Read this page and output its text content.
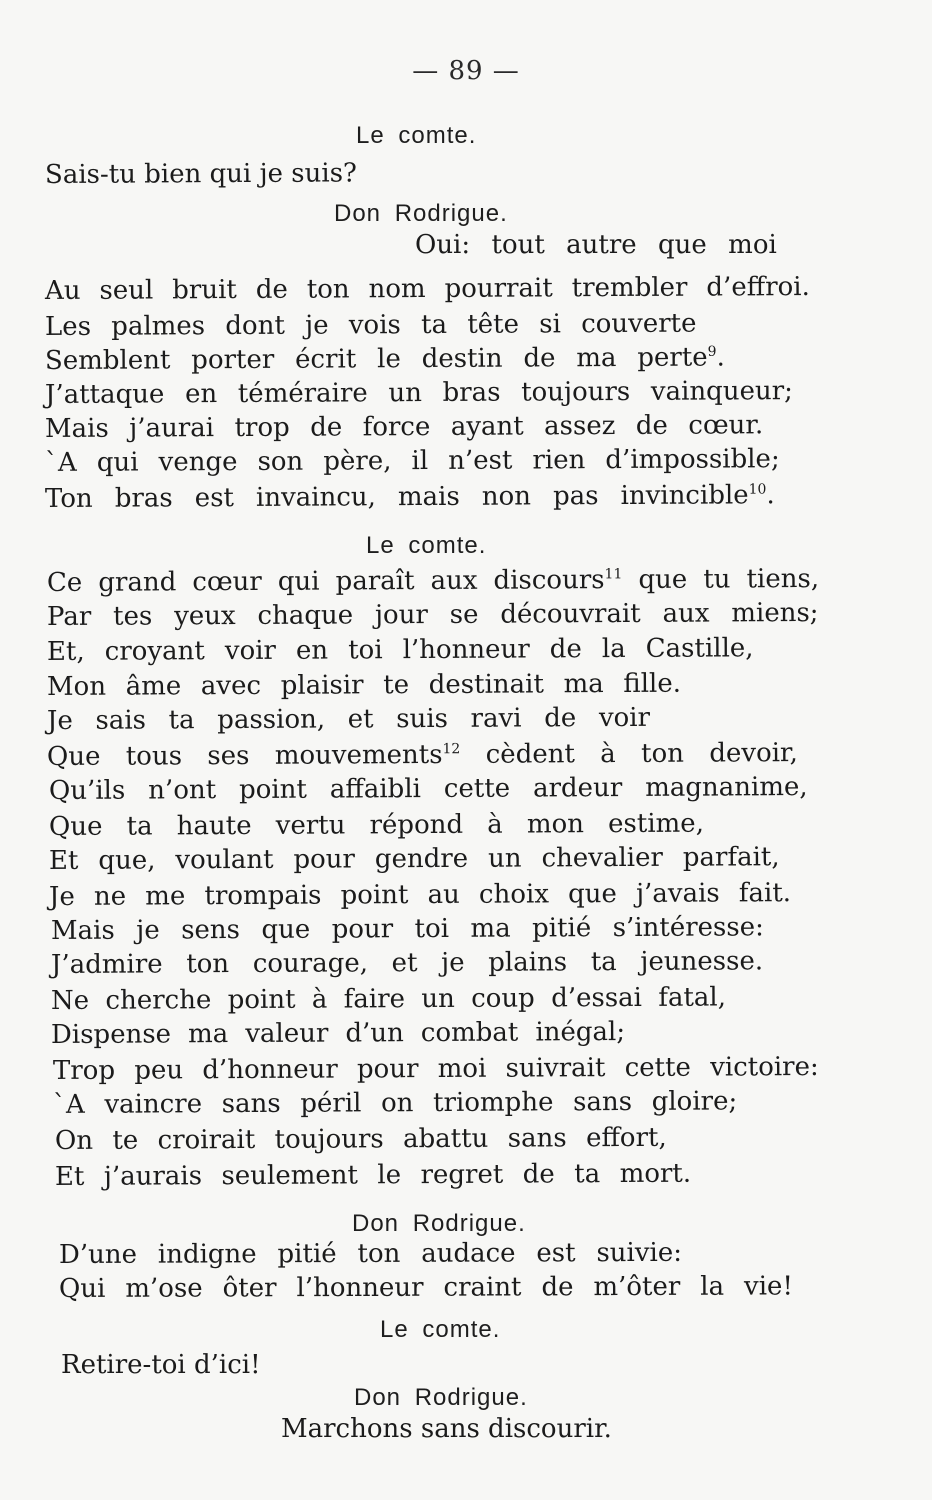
— 89 —
Le comte.
Sais-tu bien qui je suis?
Don Rodrigue.
Oui: tout autre que moi
Au seul bruit de ton nom pourrait trembler d’effroi.
Les palmes dont je vois ta tête si couverte
Semblent porter écrit le destin de ma perte$^9$.
J’attaque en téméraire un bras toujours vainqueur;
Mais j’aurai trop de force ayant assez de cœur.
`A qui venge son père, il n’est rien d’impossible;
Ton bras est invaincu, mais non pas invincible$^{10}$.
Le comte.
Ce grand cœur qui paraît aux discours$^{11}$ que tu tiens,
Par tes yeux chaque jour se découvrait aux miens;
Et, croyant voir en toi l’honneur de la Castille,
Mon âme avec plaisir te destinait ma fille.
Je sais ta passion, et suis ravi de voir
Que tous ses mouvements$^{12}$ cèdent à ton devoir,
Qu’ils n’ont point affaibli cette ardeur magnanime,
Que ta haute vertu répond à mon estime,
Et que, voulant pour gendre un chevalier parfait,
Je ne me trompais point au choix que j’avais fait.
Mais je sens que pour toi ma pitié s’intéresse:
J’admire ton courage, et je plains ta jeunesse.
Ne cherche point à faire un coup d’essai fatal,
Dispense ma valeur d’un combat inégal;
Trop peu d’honneur pour moi suivrait cette victoire:
`A vaincre sans péril on triomphe sans gloire;
On te croirait toujours abattu sans effort,
Et j’aurais seulement le regret de ta mort.
Don Rodrigue.
D’une indigne pitié ton audace est suivie:
Qui m’ose ôter l’honneur craint de m’ôter la vie!
Le comte.
Retire-toi d’ici!
Don Rodrigue.
Marchons sans discourir.
